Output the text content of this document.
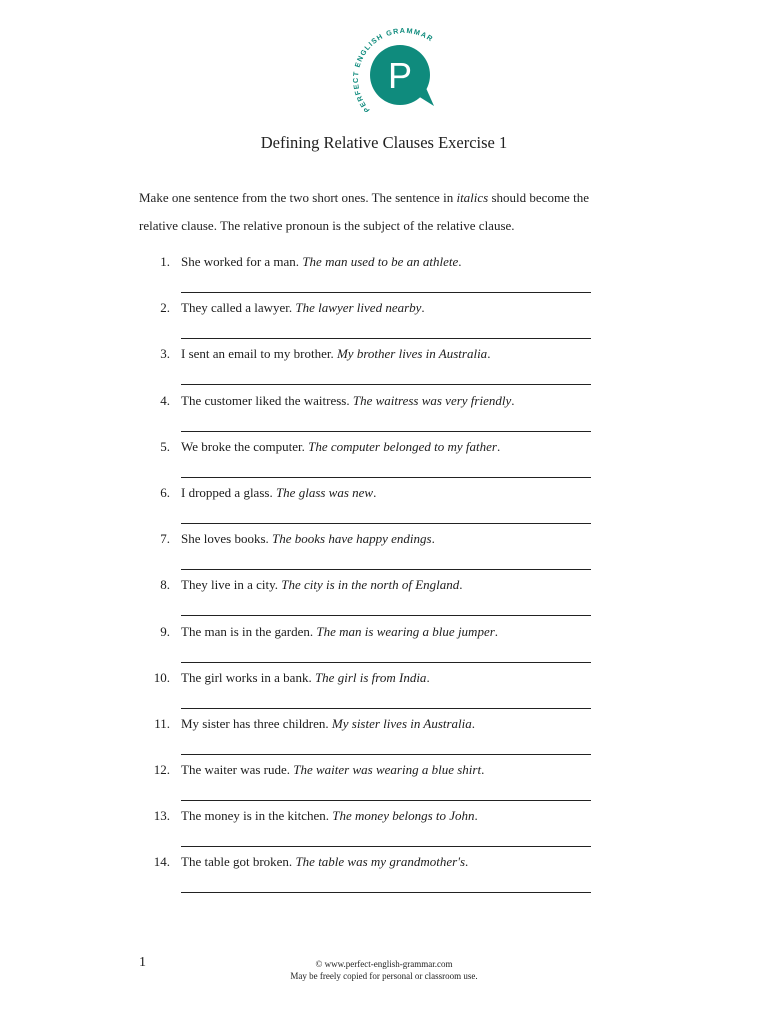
PERFECT ENGLISH GRAMMAR
P
Defining Relative Clauses Exercise 1
Make one sentence from the two short ones. The sentence in italics should become the relative clause. The relative pronoun is the subject of the relative clause.
1. She worked for a man. The man used to be an athlete.
2. They called a lawyer. The lawyer lived nearby.
3. I sent an email to my brother. My brother lives in Australia.
4. The customer liked the waitress. The waitress was very friendly.
5. We broke the computer. The computer belonged to my father.
6. I dropped a glass. The glass was new.
7. She loves books. The books have happy endings.
8. They live in a city. The city is in the north of England.
9. The man is in the garden. The man is wearing a blue jumper.
10. The girl works in a bank. The girl is from India.
11. My sister has three children. My sister lives in Australia.
12. The waiter was rude. The waiter was wearing a blue shirt.
13. The money is in the kitchen. The money belongs to John.
14. The table got broken. The table was my grandmother's.
1	© www.perfect-english-grammar.com
May be freely copied for personal or classroom use.
